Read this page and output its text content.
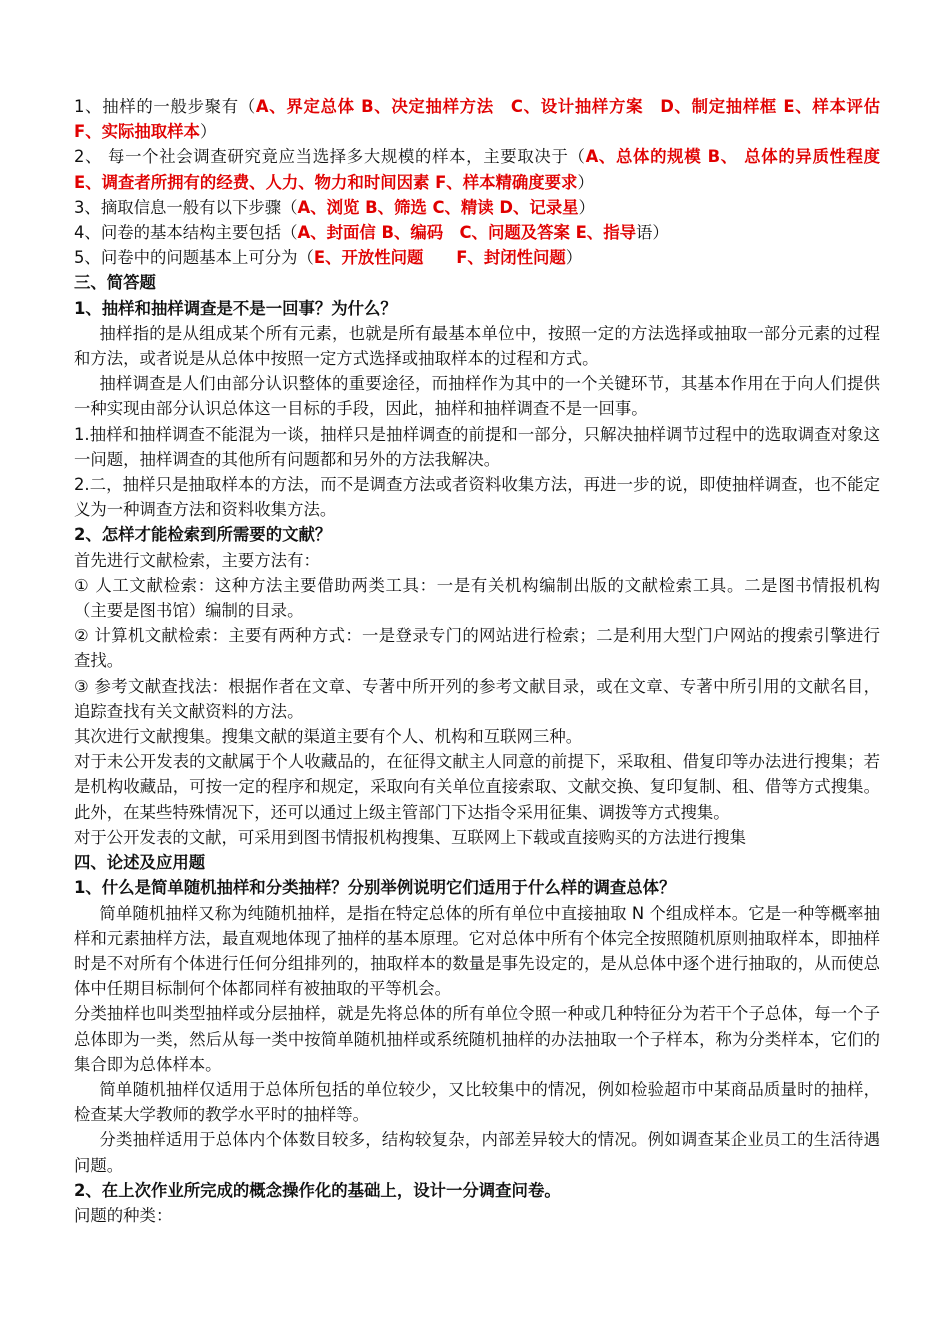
1、抽样的一般步聚有（A、界定总体 B、决定抽样方法　C、设计抽样方案　D、制定抽样框 E、样本评估　F、实际抽取样本）

2、 每一个社会调查研究竟应当选择多大规模的样本，主要取决于（A、总体的规模 B、 总体的异质性程度　E、调查者所拥有的经费、人力、物力和时间因素 F、样本精确度要求）

3、摘取信息一般有以下步骤（A、浏览 B、筛选 C、精读 D、记录星）

4、问卷的基本结构主要包括（A、封面信 B、编码　C、问题及答案 E、指导语）

5、问卷中的问题基本上可分为（E、开放性问题　　F、封闭性问题）

三、简答题

1、抽样和抽样调查是不是一回事？为什么？

抽样指的是从组成某个所有元素，也就是所有最基本单位中，按照一定的方法选择或抽取一部分元素的过程和方法，或者说是从总体中按照一定方式选择或抽取样本的过程和方式。

抽样调查是人们由部分认识整体的重要途径，而抽样作为其中的一个关键环节，其基本作用在于向人们提供一种实现由部分认识总体这一目标的手段，因此，抽样和抽样调查不是一回事。

1.抽样和抽样调查不能混为一谈，抽样只是抽样调查的前提和一部分，只解决抽样调节过程中的选取调查对象这一问题，抽样调查的其他所有问题都和另外的方法我解决。

2.二，抽样只是抽取样本的方法，而不是调查方法或者资料收集方法，再进一步的说，即使抽样调查，也不能定义为一种调查方法和资料收集方法。

2、怎样才能检索到所需要的文献？

首先进行文献检索，主要方法有：

① 人工文献检索：这种方法主要借助两类工具：一是有关机构编制出版的文献检索工具。二是图书情报机构（主要是图书馆）编制的目录。

② 计算机文献检索：主要有两种方式：一是登录专门的网站进行检索；二是利用大型门户网站的搜索引擎进行查找。

③ 参考文献查找法：根据作者在文章、专著中所开列的参考文献目录，或在文章、专著中所引用的文献名目，追踪查找有关文献资料的方法。

其次进行文献搜集。搜集文献的渠道主要有个人、机构和互联网三种。

对于未公开发表的文献属于个人收藏品的，在征得文献主人同意的前提下，采取租、借复印等办法进行搜集；若是机构收藏品，可按一定的程序和规定，采取向有关单位直接索取、文献交换、复印复制、租、借等方式搜集。此外，在某些特殊情况下，还可以通过上级主管部门下达指令采用征集、调拨等方式搜集。

对于公开发表的文献，可采用到图书情报机构搜集、互联网上下载或直接购买的方法进行搜集

四、论述及应用题

1、什么是简单随机抽样和分类抽样？分别举例说明它们适用于什么样的调查总体？

简单随机抽样又称为纯随机抽样，是指在特定总体的所有单位中直接抽取 N 个组成样本。它是一种等概率抽样和元素抽样方法，最直观地体现了抽样的基本原理。它对总体中所有个体完全按照随机原则抽取样本，即抽样时是不对所有个体进行任何分组排列的，抽取样本的数量是事先设定的，是从总体中逐个进行抽取的，从而使总体中任期目标制何个体都同样有被抽取的平等机会。

分类抽样也叫类型抽样或分层抽样，就是先将总体的所有单位令照一种或几种特征分为若干个子总体，每一个子总体即为一类，然后从每一类中按简单随机抽样或系统随机抽样的办法抽取一个子样本，称为分类样本，它们的集合即为总体样本。

简单随机抽样仅适用于总体所包括的单位较少，又比较集中的情况，例如检验超市中某商品质量时的抽样，检查某大学教师的教学水平时的抽样等。

分类抽样适用于总体内个体数目较多，结构较复杂，内部差异较大的情况。例如调查某企业员工的生活待遇问题。

2、在上次作业所完成的概念操作化的基础上，设计一分调查问卷。

问题的种类：
